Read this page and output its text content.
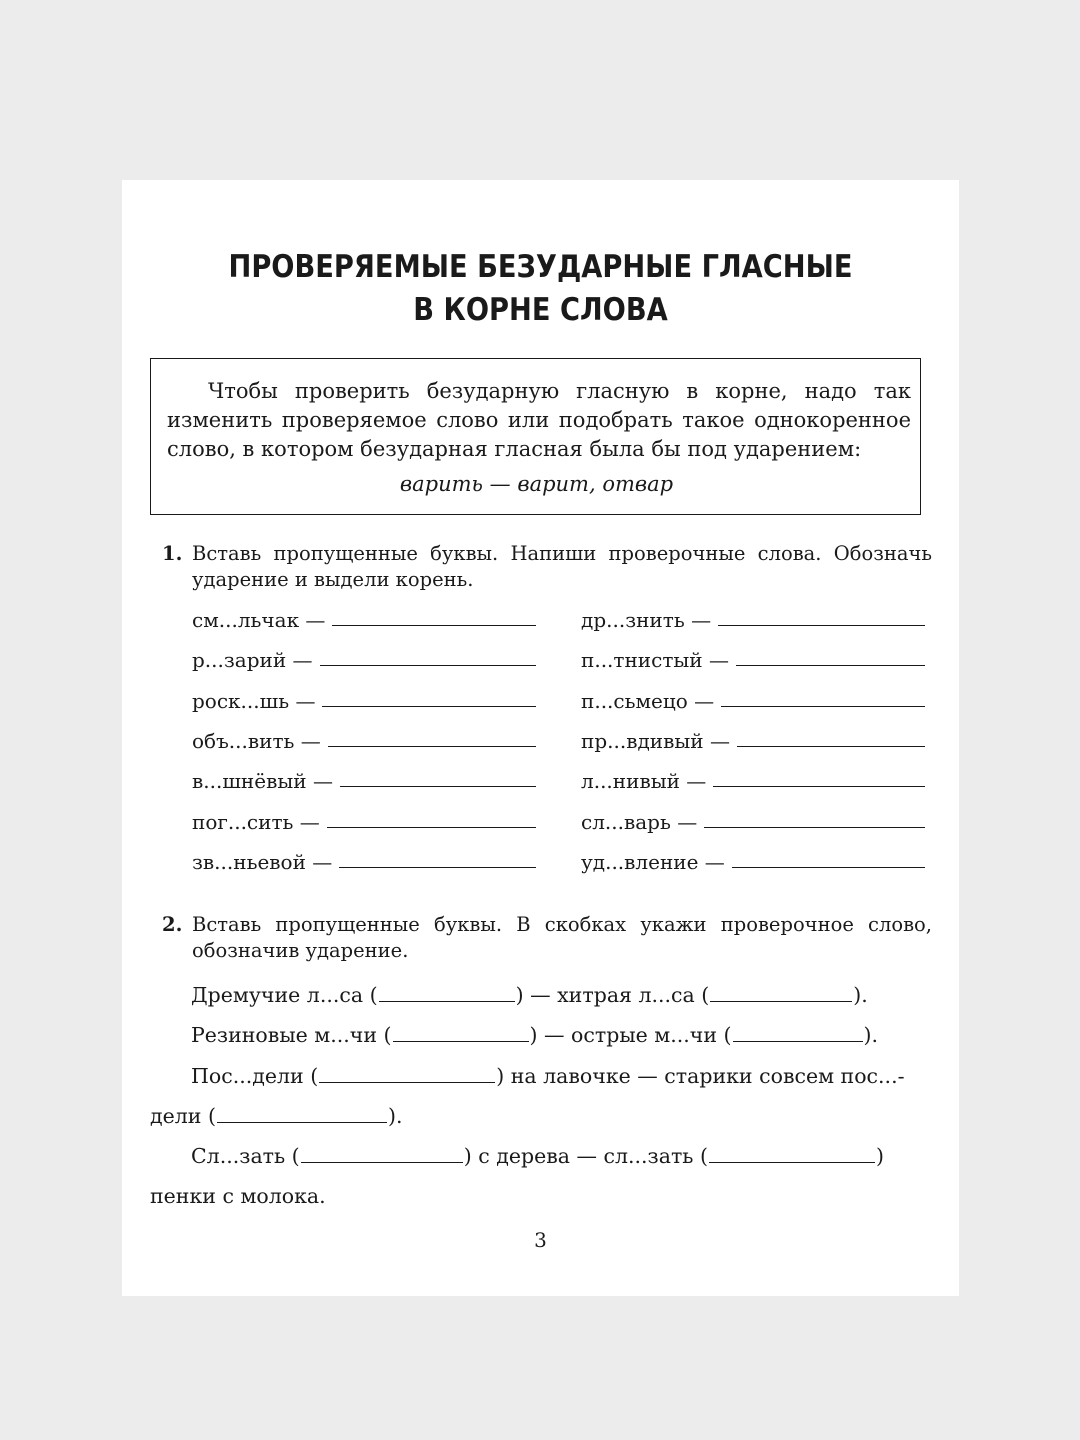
ПРОВЕРЯЕМЫЕ БЕЗУДАРНЫЕ ГЛАСНЫЕ
В КОРНЕ СЛОВА
Чтобы проверить безударную гласную в корне, надо так изменить проверяемое слово или подобрать такое однокоренное слово, в котором безударная гласная была бы под ударением:
варить — варит, отвар
1. Вставь пропущенные буквы. Напиши проверочные слова. Обозначь ударение и выдели корень.
см...льчак —
р...зарий —
роск...шь —
объ...вить —
в...шнёвый —
пог...сить —
зв...ньевой —
др...знить —
п...тнистый —
п...сьмецо —
пр...вдивый —
л...нивый —
сл...варь —
уд...вление —
2. Вставь пропущенные буквы. В скобках укажи проверочное слово, обозначив ударение.
Дремучие л...са (	) — хитрая л...са (	).
Резиновые м...чи (	) — острые м...чи (	).
Пос...дели (	) на лавочке — старики совсем пос...-
дели (	).
Сл...зать (	) с дерева — сл...зать (	)
пенки с молока.
3
